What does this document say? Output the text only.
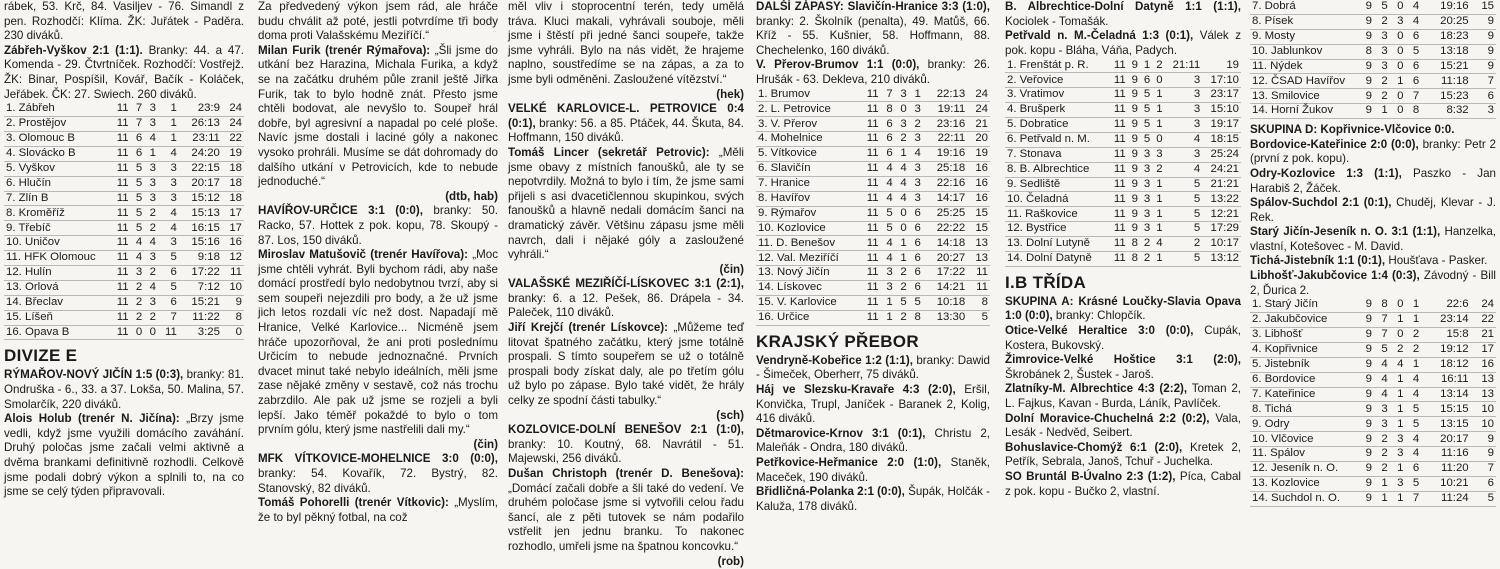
rábek, 53. Krč, 84. Vasiljev - 76. Simandl z pen. Rozhodčí: Klíma. ŽK: Juřátek - Paděra. 230 diváků.

Zábřeh-Vyškov 2:1 (1:1). Branky: 44. a 47. Komenda - 29. Čtvrtníček. Rozhodčí: Vostřejž. ŽK: Binar, Pospíšil, Kovář, Bačík - Koláček, Jeřábek. ČK: 27. Swiech. 260 diváků.

1. Zábřeh	11	7	3	1	23:9	24
2. Prostějov	11	7	3	1	26:13	24
3. Olomouc B	11	6	4	1	23:11	22
4. Slovácko B	11	6	1	4	24:20	19
5. Vyškov	11	5	3	3	22:15	18
6. Hlučín	11	5	3	3	20:17	18
7. Zlín B	11	5	3	3	15:12	18
8. Kroměříž	11	5	2	4	15:13	17
9. Třebíč	11	5	2	4	16:15	17
10. Uničov	11	4	4	3	15:16	16
11. HFK Olomouc	11	4	3	5	9:18	12
12. Hulín	11	3	2	6	17:22	11
13. Orlová	11	2	4	5	7:12	10
14. Břeclav	11	2	3	6	15:21	9
15. Líšeň	11	2	2	7	11:22	8
16. Opava B	11	0	0	11	3:25	0
DIVIZE E

RÝMAŘOV-NOVÝ JIČÍN 1:5 (0:3), branky: 81. Ondruška - 6., 33. a 37. Lokša, 50. Malina, 57. Smolarčík, 220 diváků.

Alois Holub (trenér N. Jičína): „Brzy jsme vedli, když jsme využili domácího zaváhání. Druhý poločas jsme začali velmi aktivně a dvěma brankami definitivně rozhodli. Celkově jsme podali dobrý výkon a splnili to, na co jsme se celý týden připravovali.

Za předvedený výkon jsem rád, ale hráče budu chválit až poté, jestli potvrdíme tři body doma proti Valašskému Meziříčí.“

Milan Furik (trenér Rýmařova): „Šli jsme do utkání bez Harazina, Michala Furika, a když se na začátku druhém půle zranil ještě Jiřka Furik, tak to bylo hodně znát. Přesto jsme chtěli bodovat, ale nevyšlo to. Soupeř hrál dobře, byl agresivní a napadal po celé ploše. Navíc jsme dostali i laciné góly a nakonec vysoko prohráli. Musíme se dát dohromady do dalšího utkání v Petrovicích, kde to nebude jednoduché.“

(dtb, hab)

HAVÍŘOV-URČICE 3:1 (0:0), branky: 50. Racko, 57. Hottek z pok. kopu, 78. Skoupý - 87. Los, 150 diváků.

Miroslav Matušovič (trenér Havířova): „Moc jsme chtěli vyhrát. Byli bychom rádi, aby naše domácí prostředí bylo nedobytnou tvrzí, aby si sem soupeři nejezdili pro body, a že už jsme jich letos rozdali víc než dost. Napadají mě Hranice, Velké Karlovice... Nicméně jsem hráče upozorňoval, že ani proti poslednímu Určicím to nebude jednoznačné. Prvních dvacet minut také nebylo ideálních, měli jsme zase nějaké změny v sestavě, což nás trochu zabrzdilo. Ale pak už jsme se rozjeli a byli lepší. Jako téměř pokaždé to bylo o tom prvním gólu, který jsme nastřelili dali my.“

(čin)

MFK VÍTKOVICE-MOHELNICE 3:0 (0:0), branky: 54. Kovařík, 72. Bystrý, 82. Stanovský, 82 diváků.

Tomáš Pohorelli (trenér Vítkovic): „Myslím, že to byl pěkný fotbal, na což

měl vliv i stoprocentní terén, tedy umělá tráva. Kluci makali, vyhrávali souboje, měli jsme i štěstí při jedné šanci soupeře, takže jsme vyhráli. Bylo na nás vidět, že hrajeme naplno, soustředíme se na zápas, a za to jsme byli odměněni. Zasloužené vítězství.“

(hek)

VELKÉ KARLOVICE-L. PETROVICE 0:4 (0:1), branky: 56. a 85. Ptáček, 44. Škuta, 84. Hoffmann, 150 diváků.

Tomáš Lincer (sekretář Petrovic): „Měli jsme obavy z místních fanoušků, ale ty se nepotvrdily. Možná to bylo i tím, že jsme sami přijeli s asi dvacetičlennou skupinkou, svých fanoušků a hlavně nedali domácím šanci na dramatický závěr. Většinu zápasu jsme měli navrch, dali i nějaké góly a zasloužené vyhráli.“

(čin)

VALAŠSKÉ MEZIŘÍČÍ-LÍSKOVEC 3:1 (2:1), branky: 6. a 12. Pešek, 86. Drápela - 34. Paleček, 110 diváků.

Jiří Krejčí (trenér Lískovce): „Můžeme teď litovat špatného začátku, který jsme totálně prospali. S tímto soupeřem se už o totálně prospali body získat daly, ale po třetím gólu už bylo po zápase. Bylo také vidět, že hrály celky ze spodní části tabulky.“

(sch)

KOZLOVICE-DOLNÍ BENEŠOV 2:1 (1:0), branky: 10. Koutný, 68. Navrátil - 51. Majewski, 256 diváků.

Dušan Christoph (trenér D. Benešova): „Domácí začali dobře a šli také do vedení. Ve druhém poločase jsme si vytvořili celou řadu šancí, ale z pěti tutovek se nám podařilo vstřelit jen jednu branku. To nakonec rozhodlo, umřeli jsme na špatnou koncovku.“

(rob)

DALŠÍ ZÁPASY: Slavičín-Hranice 3:3 (1:0), branky: 2. Školník (penalta), 49. Matůš, 66. Kříž - 55. Kušnier, 58. Hoffmann, 88. Chechelenko, 160 diváků.

V. Přerov-Brumov 1:1 (0:0), branky: 26. Hrušák - 63. Dekleva, 210 diváků.

1. Brumov	11	7	3	1	22:13	24
2. L. Petrovice	11	8	0	3	19:11	24
3. V. Přerov	11	6	3	2	23:16	21
4. Mohelnice	11	6	2	3	22:11	20
5. Vítkovice	11	6	1	4	19:16	19
6. Slavičín	11	4	4	3	25:18	16
7. Hranice	11	4	4	3	22:16	16
8. Havířov	11	4	4	3	14:17	16
9. Rýmařov	11	5	0	6	25:25	15
10. Kozlovice	11	5	0	6	22:22	15
11. D. Benešov	11	4	1	6	14:18	13
12. Val. Meziříčí	11	4	1	6	20:27	13
13. Nový Jičín	11	3	2	6	17:22	11
14. Lískovec	11	3	2	6	14:21	11
15. V. Karlovice	11	1	5	5	10:18	8
16. Určice	11	1	2	8	13:30	5
KRAJSKÝ PŘEBOR

Vendryně-Kobeřice 1:2 (1:1), branky: Dawid - Šimeček, Oberherr, 75 diváků.

Háj ve Slezsku-Kravaře 4:3 (2:0), Eršil, Konvička, Trupl, Janíček - Baranek 2, Kolig, 416 diváků.

Dětmarovice-Krnov 3:1 (0:1), Christu 2, Maleňák - Ondra, 180 diváků.

Petřkovice-Heřmanice 2:0 (1:0), Staněk, Maceček, 190 diváků.

Břidličná-Polanka 2:1 (0:0), Šupák, Holčák - Kaluža, 178 diváků.

B. Albrechtice-Dolní Datyně 1:1 (1:1), Kociolek - Tomašák.

Petřvald n. M.-Čeladná 1:3 (0:1), Válek z pok. kopu - Bláha, Váňa, Padych.

1. Frenštát p. R.	11	9	1	2	21:11	19
2. Veřovice	11	9	6	0	3	17:10
3. Vratimov	11	9	5	1	3	23:17
4. Brušperk	11	9	5	1	3	15:10
5. Dobratice	11	9	5	1	3	19:17
6. Petřvald n. M.	11	9	5	0	4	18:15
7. Stonava	11	9	3	3	3	25:24
8. B. Albrechtice	11	9	3	2	4	24:21
9. Sedliště	11	9	3	1	5	21:21
10. Čeladná	11	9	3	1	5	13:22
11. Raškovice	11	9	3	1	5	12:21
12. Bystřice	11	9	3	1	5	17:29
13. Dolní Lutyně	11	8	2	4	2	10:17
14. Dolní Datyně	11	8	2	1	5	13:12
I.B TŘÍDA

SKUPINA A: Krásné Loučky-Slavia Opava 1:0 (0:0), branky: Chlopčík.

Otice-Velké Heraltice 3:0 (0:0), Cupák, Kostera, Bukovský.

Žimrovice-Velké Hoštice 3:1 (2:0), Škrobánek 2, Šustek - Jaroš.

Zlatníky-M. Albrechtice 4:3 (2:2), Toman 2, L. Fajkus, Kavan - Burda, Láník, Pavlíček.

Dolní Moravice-Chuchelná 2:2 (0:2), Vala, Lesák - Nedvěd, Seibert.

Bohuslavice-Chomýž 6:1 (2:0), Kretek 2, Petřík, Sebrala, Janoš, Tchuř - Juchelka.

SO Bruntál B-Úvalno 2:3 (1:2), Píca, Cabal z pok. kopu - Bučko 2, vlastní.

7. Dobrá	9	5	0	4	19:16	15
8. Písek	9	2	3	4	20:25	9
9. Mosty	9	3	0	6	18:23	9
10. Jablunkov	8	3	0	5	13:18	9
11. Nýdek	9	3	0	6	15:21	9
12. ČSAD Havířov	9	2	1	6	11:18	7
13. Smilovice	9	2	0	7	15:23	6
14. Horní Žukov	9	1	0	8	8:32	3

SKUPINA D: Kopřivnice-Vlčovice 0:0.

Bordovice-Kateřinice 2:0 (0:0), branky: Petr 2 (první z pok. kopu).

Odry-Kozlovice 1:3 (1:1), Paszko - Jan Harabiš 2, Žáček.

Spálov-Suchdol 2:1 (0:1), Chuděj, Klevar - J. Rek.

Starý Jičín-Jeseník n. O. 3:1 (1:1), Hanzelka, vlastní, Kotešovec - M. David.

Tichá-Jistebník 1:1 (0:1), Houšťava - Pasker.

Libhošť-Jakubčovice 1:4 (0:3), Závodný - Bill 2, Ďurica 2.

1. Starý Jičín	9	8	0	1	22:6	24
2. Jakubčovice	9	7	1	1	23:14	22
3. Libhošť	9	7	0	2	15:8	21
4. Kopřivnice	9	5	2	2	19:12	17
5. Jistebník	9	4	4	1	18:12	16
6. Bordovice	9	4	1	4	16:11	13
7. Kateřinice	9	4	1	4	13:14	13
8. Tichá	9	3	1	5	15:15	10
9. Odry	9	3	1	5	13:15	10
10. Vlčovice	9	2	3	4	20:17	9
11. Spálov	9	2	3	4	11:16	9
12. Jeseník n. O.	9	2	1	6	11:20	7
13. Kozlovice	9	1	3	5	10:21	6
14. Suchdol n. O.	9	1	1	7	11:24	5
